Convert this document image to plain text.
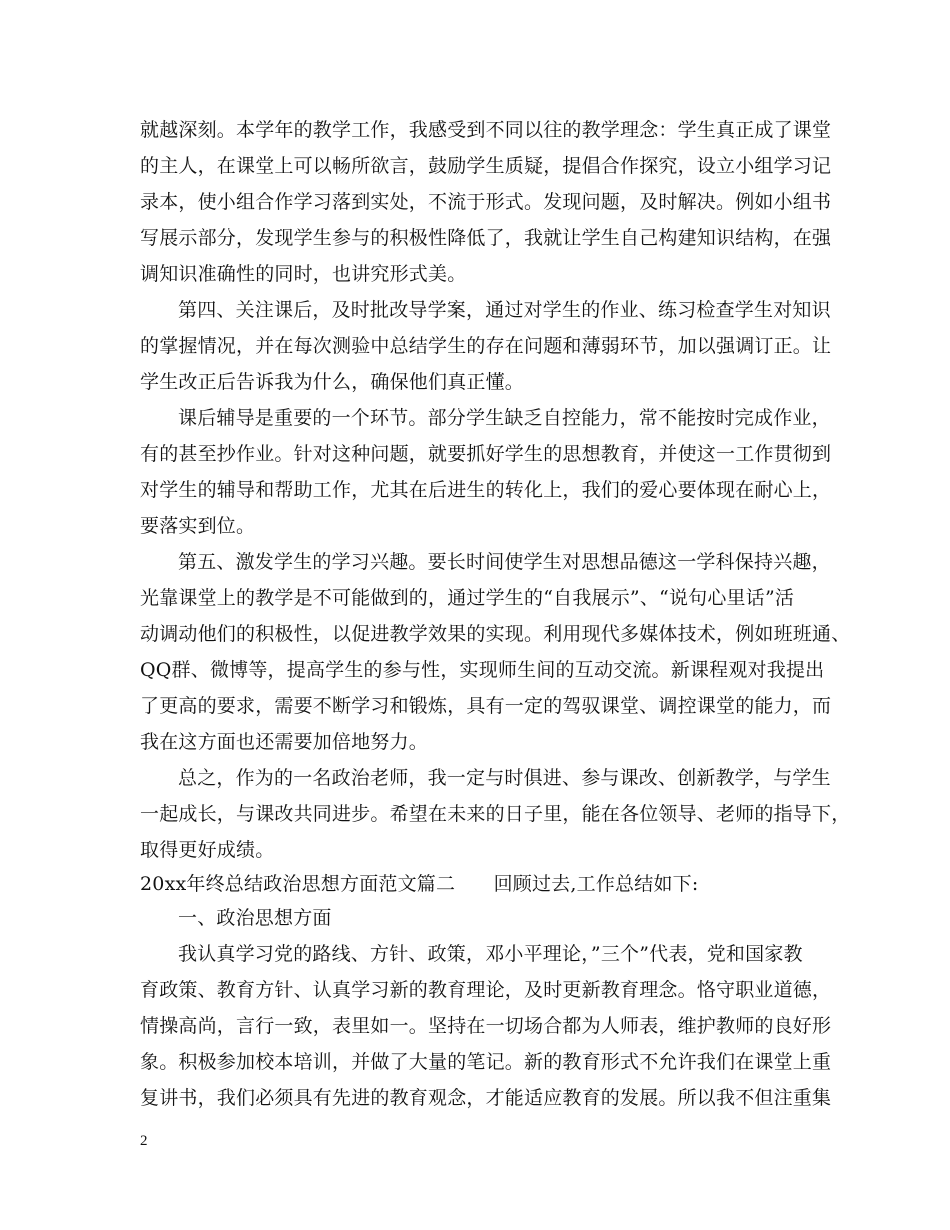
就越深刻。本学年的教学工作，我感受到不同以往的教学理念：学生真正成了课堂
的主人，在课堂上可以畅所欲言，鼓励学生质疑，提倡合作探究，设立小组学习记
录本，使小组合作学习落到实处，不流于形式。发现问题，及时解决。例如小组书
写展示部分，发现学生参与的积极性降低了，我就让学生自己构建知识结构，在强
调知识准确性的同时，也讲究形式美。
第四、关注课后，及时批改导学案，通过对学生的作业、练习检查学生对知识
的掌握情况，并在每次测验中总结学生的存在问题和薄弱环节，加以强调订正。让
学生改正后告诉我为什么，确保他们真正懂。
课后辅导是重要的一个环节。部分学生缺乏自控能力，常不能按时完成作业，
有的甚至抄作业。针对这种问题，就要抓好学生的思想教育，并使这一工作贯彻到
对学生的辅导和帮助工作，尤其在后进生的转化上，我们的爱心要体现在耐心上，
要落实到位。
第五、激发学生的学习兴趣。要长时间使学生对思想品德这一学科保持兴趣，
光靠课堂上的教学是不可能做到的，通过学生的“自我展示”、“说句心里话”活
动调动他们的积极性，以促进教学效果的实现。利用现代多媒体技术，例如班班通、
QQ群、微博等，提高学生的参与性，实现师生间的互动交流。新课程观对我提出
了更高的要求，需要不断学习和锻炼，具有一定的驾驭课堂、调控课堂的能力，而
我在这方面也还需要加倍地努力。
总之，作为的一名政治老师，我一定与时俱进、参与课改、创新教学，与学生
一起成长，与课改共同进步。希望在未来的日子里，能在各位领导、老师的指导下，
取得更好成绩。
20xx年终总结政治思想方面范文篇二　　回顾过去,工作总结如下:
一、政治思想方面
我认真学习党的路线、方针、政策，邓小平理论，”三个”代表，党和国家教
育政策、教育方针、认真学习新的教育理论，及时更新教育理念。恪守职业道德，
情操高尚，言行一致，表里如一。坚持在一切场合都为人师表，维护教师的良好形
象。积极参加校本培训，并做了大量的笔记。新的教育形式不允许我们在课堂上重
复讲书，我们必须具有先进的教育观念，才能适应教育的发展。所以我不但注重集
2
